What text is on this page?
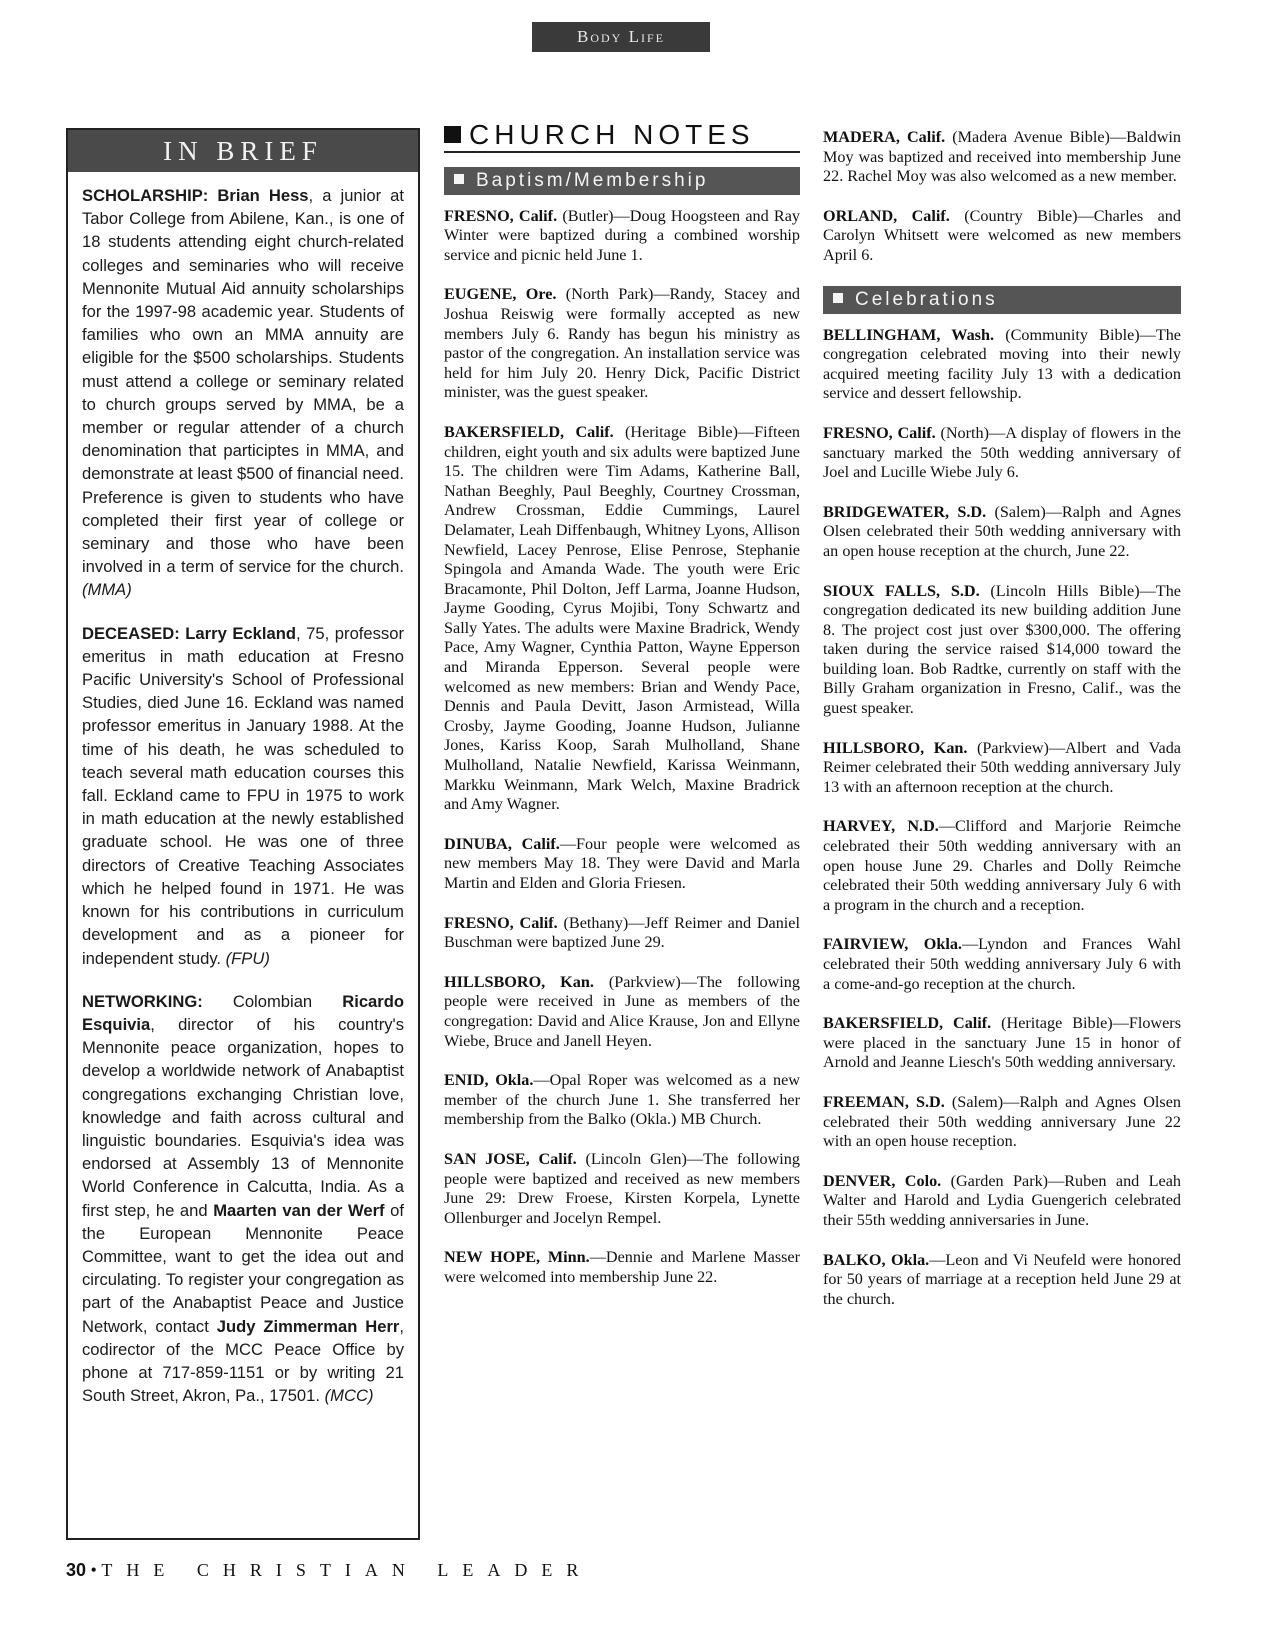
Body Life
IN BRIEF

SCHOLARSHIP: Brian Hess, a junior at Tabor College from Abilene, Kan., is one of 18 students attending eight church-related colleges and seminaries who will receive Mennonite Mutual Aid annuity scholarships for the 1997-98 academic year. Students of families who own an MMA annuity are eligible for the $500 scholarships. Students must attend a college or seminary related to church groups served by MMA, be a member or regular attender of a church denomination that participtes in MMA, and demonstrate at least $500 of financial need. Preference is given to students who have completed their first year of college or seminary and those who have been involved in a term of service for the church. (MMA)

DECEASED: Larry Eckland, 75, professor emeritus in math education at Fresno Pacific University's School of Professional Studies, died June 16. Eckland was named professor emeritus in January 1988. At the time of his death, he was scheduled to teach several math education courses this fall. Eckland came to FPU in 1975 to work in math education at the newly established graduate school. He was one of three directors of Creative Teaching Associates which he helped found in 1971. He was known for his contributions in curriculum development and as a pioneer for independent study. (FPU)

NETWORKING: Colombian Ricardo Esquivia, director of his country's Mennonite peace organization, hopes to develop a worldwide network of Anabaptist congregations exchanging Christian love, knowledge and faith across cultural and linguistic boundaries. Esquivia's idea was endorsed at Assembly 13 of Mennonite World Conference in Calcutta, India. As a first step, he and Maarten van der Werf of the European Mennonite Peace Committee, want to get the idea out and circulating. To register your congregation as part of the Anabaptist Peace and Justice Network, contact Judy Zimmerman Herr, codirector of the MCC Peace Office by phone at 717-859-1151 or by writing 21 South Street, Akron, Pa., 17501. (MCC)

CHURCH NOTES
Baptism/Membership

FRESNO, Calif. (Butler)—Doug Hoogsteen and Ray Winter were baptized during a combined worship service and picnic held June 1.

EUGENE, Ore. (North Park)—Randy, Stacey and Joshua Reiswig were formally accepted as new members July 6. Randy has begun his ministry as pastor of the congregation. An installation service was held for him July 20. Henry Dick, Pacific District minister, was the guest speaker.

BAKERSFIELD, Calif. (Heritage Bible)—Fifteen children, eight youth and six adults were baptized June 15. The children were Tim Adams, Katherine Ball, Nathan Beeghly, Paul Beeghly, Courtney Crossman, Andrew Crossman, Eddie Cummings, Laurel Delamater, Leah Diffenbaugh, Whitney Lyons, Allison Newfield, Lacey Penrose, Elise Penrose, Stephanie Spingola and Amanda Wade. The youth were Eric Bracamonte, Phil Dolton, Jeff Larma, Joanne Hudson, Jayme Gooding, Cyrus Mojibi, Tony Schwartz and Sally Yates. The adults were Maxine Bradrick, Wendy Pace, Amy Wagner, Cynthia Patton, Wayne Epperson and Miranda Epperson. Several people were welcomed as new members: Brian and Wendy Pace, Dennis and Paula Devitt, Jason Armistead, Willa Crosby, Jayme Gooding, Joanne Hudson, Julianne Jones, Kariss Koop, Sarah Mulholland, Shane Mulholland, Natalie Newfield, Karissa Weinmann, Markku Weinmann, Mark Welch, Maxine Bradrick and Amy Wagner.

DINUBA, Calif.—Four people were welcomed as new members May 18. They were David and Marla Martin and Elden and Gloria Friesen.

FRESNO, Calif. (Bethany)—Jeff Reimer and Daniel Buschman were baptized June 29.

HILLSBORO, Kan. (Parkview)—The following people were received in June as members of the congregation: David and Alice Krause, Jon and Ellyne Wiebe, Bruce and Janell Heyen.

ENID, Okla.—Opal Roper was welcomed as a new member of the church June 1. She transferred her membership from the Balko (Okla.) MB Church.

SAN JOSE, Calif. (Lincoln Glen)—The following people were baptized and received as new members June 29: Drew Froese, Kirsten Korpela, Lynette Ollenburger and Jocelyn Rempel.

NEW HOPE, Minn.—Dennie and Marlene Masser were welcomed into membership June 22.

MADERA, Calif. (Madera Avenue Bible)—Baldwin Moy was baptized and received into membership June 22. Rachel Moy was also welcomed as a new member.

ORLAND, Calif. (Country Bible)—Charles and Carolyn Whitsett were welcomed as new members April 6.

Celebrations

BELLINGHAM, Wash. (Community Bible)—The congregation celebrated moving into their newly acquired meeting facility July 13 with a dedication service and dessert fellowship.

FRESNO, Calif. (North)—A display of flowers in the sanctuary marked the 50th wedding anniversary of Joel and Lucille Wiebe July 6.

BRIDGEWATER, S.D. (Salem)—Ralph and Agnes Olsen celebrated their 50th wedding anniversary with an open house reception at the church, June 22.

SIOUX FALLS, S.D. (Lincoln Hills Bible)—The congregation dedicated its new building addition June 8. The project cost just over $300,000. The offering taken during the service raised $14,000 toward the building loan. Bob Radtke, currently on staff with the Billy Graham organization in Fresno, Calif., was the guest speaker.

HILLSBORO, Kan. (Parkview)—Albert and Vada Reimer celebrated their 50th wedding anniversary July 13 with an afternoon reception at the church.

HARVEY, N.D.—Clifford and Marjorie Reimche celebrated their 50th wedding anniversary with an open house June 29. Charles and Dolly Reimche celebrated their 50th wedding anniversary July 6 with a program in the church and a reception.

FAIRVIEW, Okla.—Lyndon and Frances Wahl celebrated their 50th wedding anniversary July 6 with a come-and-go reception at the church.

BAKERSFIELD, Calif. (Heritage Bible)—Flowers were placed in the sanctuary June 15 in honor of Arnold and Jeanne Liesch's 50th wedding anniversary.

FREEMAN, S.D. (Salem)—Ralph and Agnes Olsen celebrated their 50th wedding anniversary June 22 with an open house reception.

DENVER, Colo. (Garden Park)—Ruben and Leah Walter and Harold and Lydia Guengerich celebrated their 55th wedding anniversaries in June.

BALKO, Okla.—Leon and Vi Neufeld were honored for 50 years of marriage at a reception held June 29 at the church.

30 • THE CHRISTIAN LEADER
